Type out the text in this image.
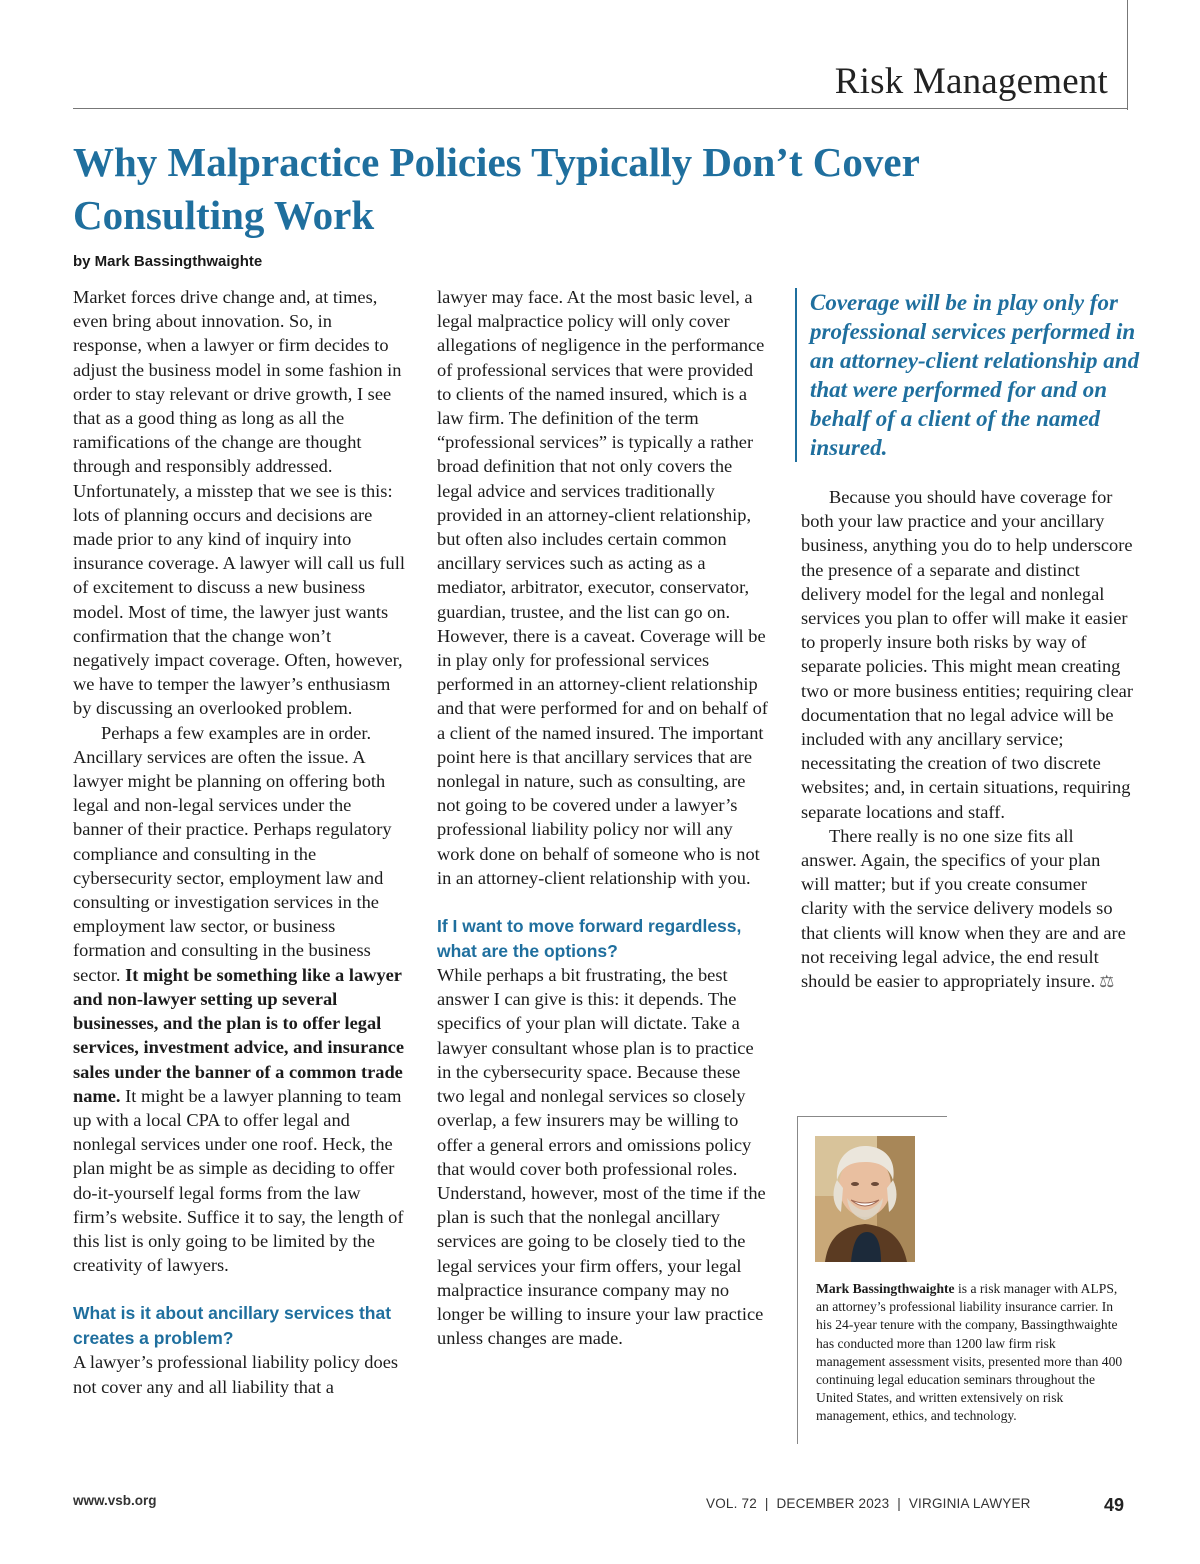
Risk Management
Why Malpractice Policies Typically Don’t Cover Consulting Work
by Mark Bassingthwaighte

Market forces drive change and, at times, even bring about innovation. So, in response, when a lawyer or firm decides to adjust the business model in some fashion in order to stay relevant or drive growth, I see that as a good thing as long as all the ramifications of the change are thought through and responsibly addressed. Unfortunately, a misstep that we see is this: lots of planning occurs and decisions are made prior to any kind of inquiry into insurance coverage. A lawyer will call us full of excitement to discuss a new business model. Most of time, the lawyer just wants confirmation that the change won’t negatively impact coverage. Often, however, we have to temper the lawyer’s enthusiasm by discussing an overlooked problem.

Perhaps a few examples are in order. Ancillary services are often the issue. A lawyer might be planning on offering both legal and non-legal services under the banner of their practice. Perhaps regulatory compliance and consulting in the cybersecurity sector, employment law and consulting or investigation services in the employment law sector, or business formation and consulting in the business sector. It might be something like a lawyer and non-lawyer setting up several businesses, and the plan is to offer legal services, investment advice, and insurance sales under the banner of a common trade name. It might be a lawyer planning to team up with a local CPA to offer legal and nonlegal services under one roof. Heck, the plan might be as simple as deciding to offer do-it-yourself legal forms from the law firm’s website. Suffice it to say, the length of this list is only going to be limited by the creativity of lawyers.

What is it about ancillary services that creates a problem?

A lawyer’s professional liability policy does not cover any and all liability that a

lawyer may face. At the most basic level, a legal malpractice policy will only cover allegations of negligence in the performance of professional services that were provided to clients of the named insured, which is a law firm. The definition of the term “professional services” is typically a rather broad definition that not only covers the legal advice and services traditionally provided in an attorney-client relationship, but often also includes certain common ancillary services such as acting as a mediator, arbitrator, executor, conservator, guardian, trustee, and the list can go on. However, there is a caveat. Coverage will be in play only for professional services performed in an attorney-client relationship and that were performed for and on behalf of a client of the named insured. The important point here is that ancillary services that are nonlegal in nature, such as consulting, are not going to be covered under a lawyer’s professional liability policy nor will any work done on behalf of someone who is not in an attorney-client relationship with you.

If I want to move forward regardless, what are the options?

While perhaps a bit frustrating, the best answer I can give is this: it depends. The specifics of your plan will dictate. Take a lawyer consultant whose plan is to practice in the cybersecurity space. Because these two legal and nonlegal services so closely overlap, a few insurers may be willing to offer a general errors and omissions policy that would cover both professional roles. Understand, however, most of the time if the plan is such that the nonlegal ancillary services are going to be closely tied to the legal services your firm offers, your legal malpractice insurance company may no longer be willing to insure your law practice unless changes are made.

Coverage will be in play only for professional services performed in an attorney-client relationship and that were performed for and on behalf of a client of the named insured.

Because you should have coverage for both your law practice and your ancillary business, anything you do to help underscore the presence of a separate and distinct delivery model for the legal and nonlegal services you plan to offer will make it easier to properly insure both risks by way of separate policies. This might mean creating two or more business entities; requiring clear documentation that no legal advice will be included with any ancillary service; necessitating the creation of two discrete websites; and, in certain situations, requiring separate locations and staff.

There really is no one size fits all answer. Again, the specifics of your plan will matter; but if you create consumer clarity with the service delivery models so that clients will know when they are and are not receiving legal advice, the end result should be easier to appropriately insure. ⚖

Mark Bassingthwaighte is a risk manager with ALPS, an attorney’s professional liability insurance carrier. In his 24-year tenure with the company, Bassingthwaighte has conducted more than 1200 law firm risk management assessment visits, presented more than 400 continuing legal education seminars throughout the United States, and written extensively on risk management, ethics, and technology.

www.vsb.org	VOL. 72  |  DECEMBER 2023  |  VIRGINIA LAWYER	49
